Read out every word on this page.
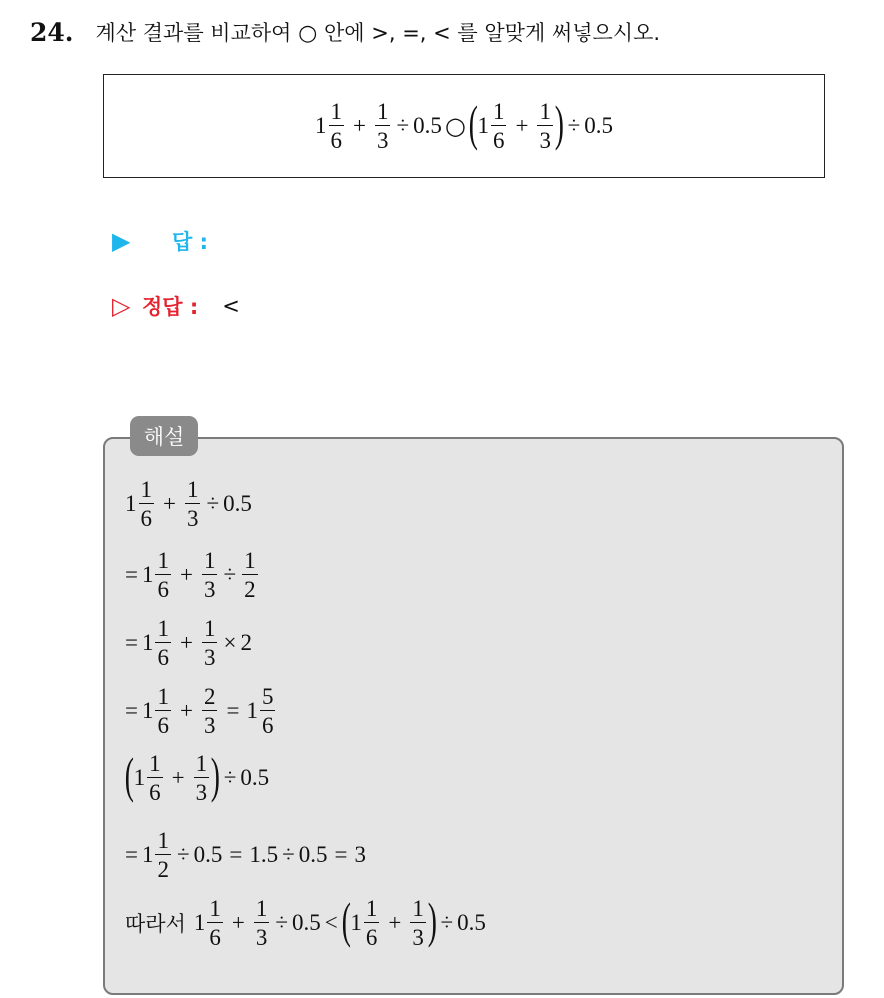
24. 계산 결과를 비교하여 ○ 안에 >, =, < 를 알맞게 써넣으시오.
$1 \frac{1}{6} + \frac{1}{3} \div 0.5$ ○ ( $1 \frac{1}{6} + \frac{1}{3}$ ) ÷ 0.5
▶	답 :
▷ 정답 : <
해설
$1 \frac{1}{6} + \frac{1}{3} \div 0.5$
= $1 \frac{1}{6} + \frac{1}{3} \div \frac{1}{2}$
= $1 \frac{1}{6} + \frac{1}{3} \times 2$
= $1 \frac{1}{6} + \frac{2}{3} = 1 \frac{5}{6}$
( $1 \frac{1}{6} + \frac{1}{3}$ ) ÷ 0.5
= $1 \frac{1}{2} \div 0.5 = 1.5 \div 0.5 = 3$
따라서 $1 \frac{1}{6} + \frac{1}{3} \div 0.5$ < ( $1 \frac{1}{6} + \frac{1}{3}$ ) ÷ 0.5
